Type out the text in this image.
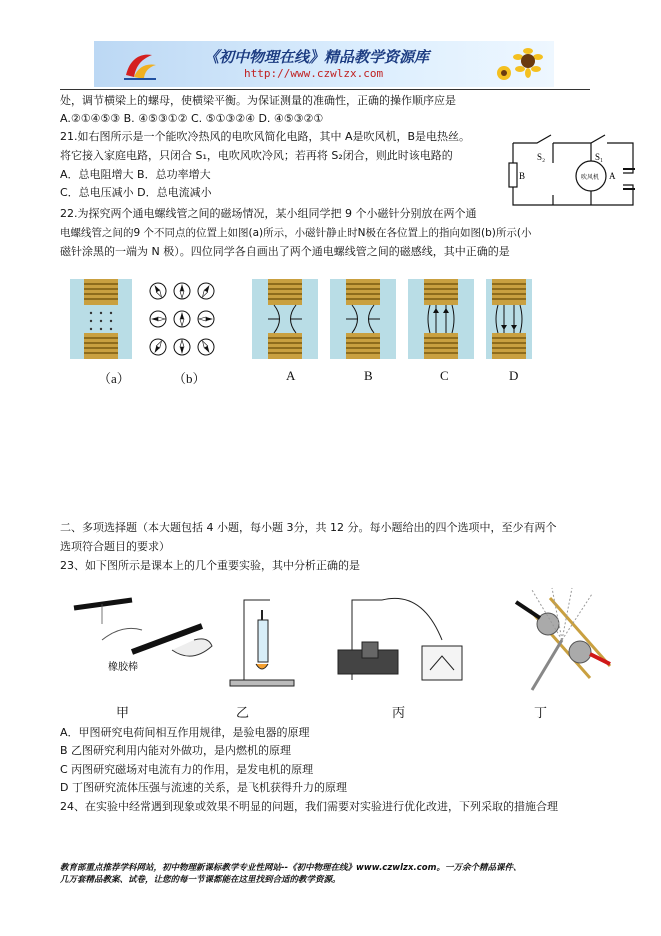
《初中物理在线》精品教学资源库
http://www.czwlzx.com
处，调节横梁上的螺母，使横梁平衡。为保证测量的准确性，正确的操作顺序应是
A.②①④⑤③ B. ④⑤③①② C. ⑤①③②④ D. ④⑤③②①
21.如右图所示是一个能吹冷热风的电吹风简化电路，其中 A是吹风机，B是电热丝。
将它接入家庭电路，只闭合 S₁，电吹风吹冷风；若再将 S₂闭合，则此时该电路的
A．总电阻增大 B．总功率增大
C．总电压减小 D．总电流减小
S₂	S₁
B	A
吹风机
22.为探究两个通电螺线管之间的磁场情况，某小组同学把 9 个小磁针分别放在两个通
电螺线管之间的9 个不同点的位置上如图(a)所示，小磁针静止时N极在各位置上的指向如图(b)所示(小
磁针涂黑的一端为 N 极）。四位同学各自画出了两个通电螺线管之间的磁感线，其中正确的是
（a）	（b）	A	B	C	D
二、多项选择题（本大题包括 4 小题，每小题 3分，共 12 分。每小题给出的四个选项中，至少有两个
选项符合题目的要求）
23、如下图所示是课本上的几个重要实验，其中分析正确的是
橡胶棒
甲	乙	丙	丁
A．甲图研究电荷间相互作用规律，是验电器的原理
B 乙图研究利用内能对外做功，是内燃机的原理
C 丙图研究磁场对电流有力的作用，是发电机的原理
D 丁图研究流体压强与流速的关系，是飞机获得升力的原理
24、在实验中经常遇到现象或效果不明显的问题，我们需要对实验进行优化改进，下列采取的措施合理
教育部重点推荐学科网站，初中物理新课标教学专业性网站--《初中物理在线》www.czwlzx.com。一万余个精品课件、
几万套精品教案、试卷，让您的每一节课都能在这里找到合适的教学资源。
